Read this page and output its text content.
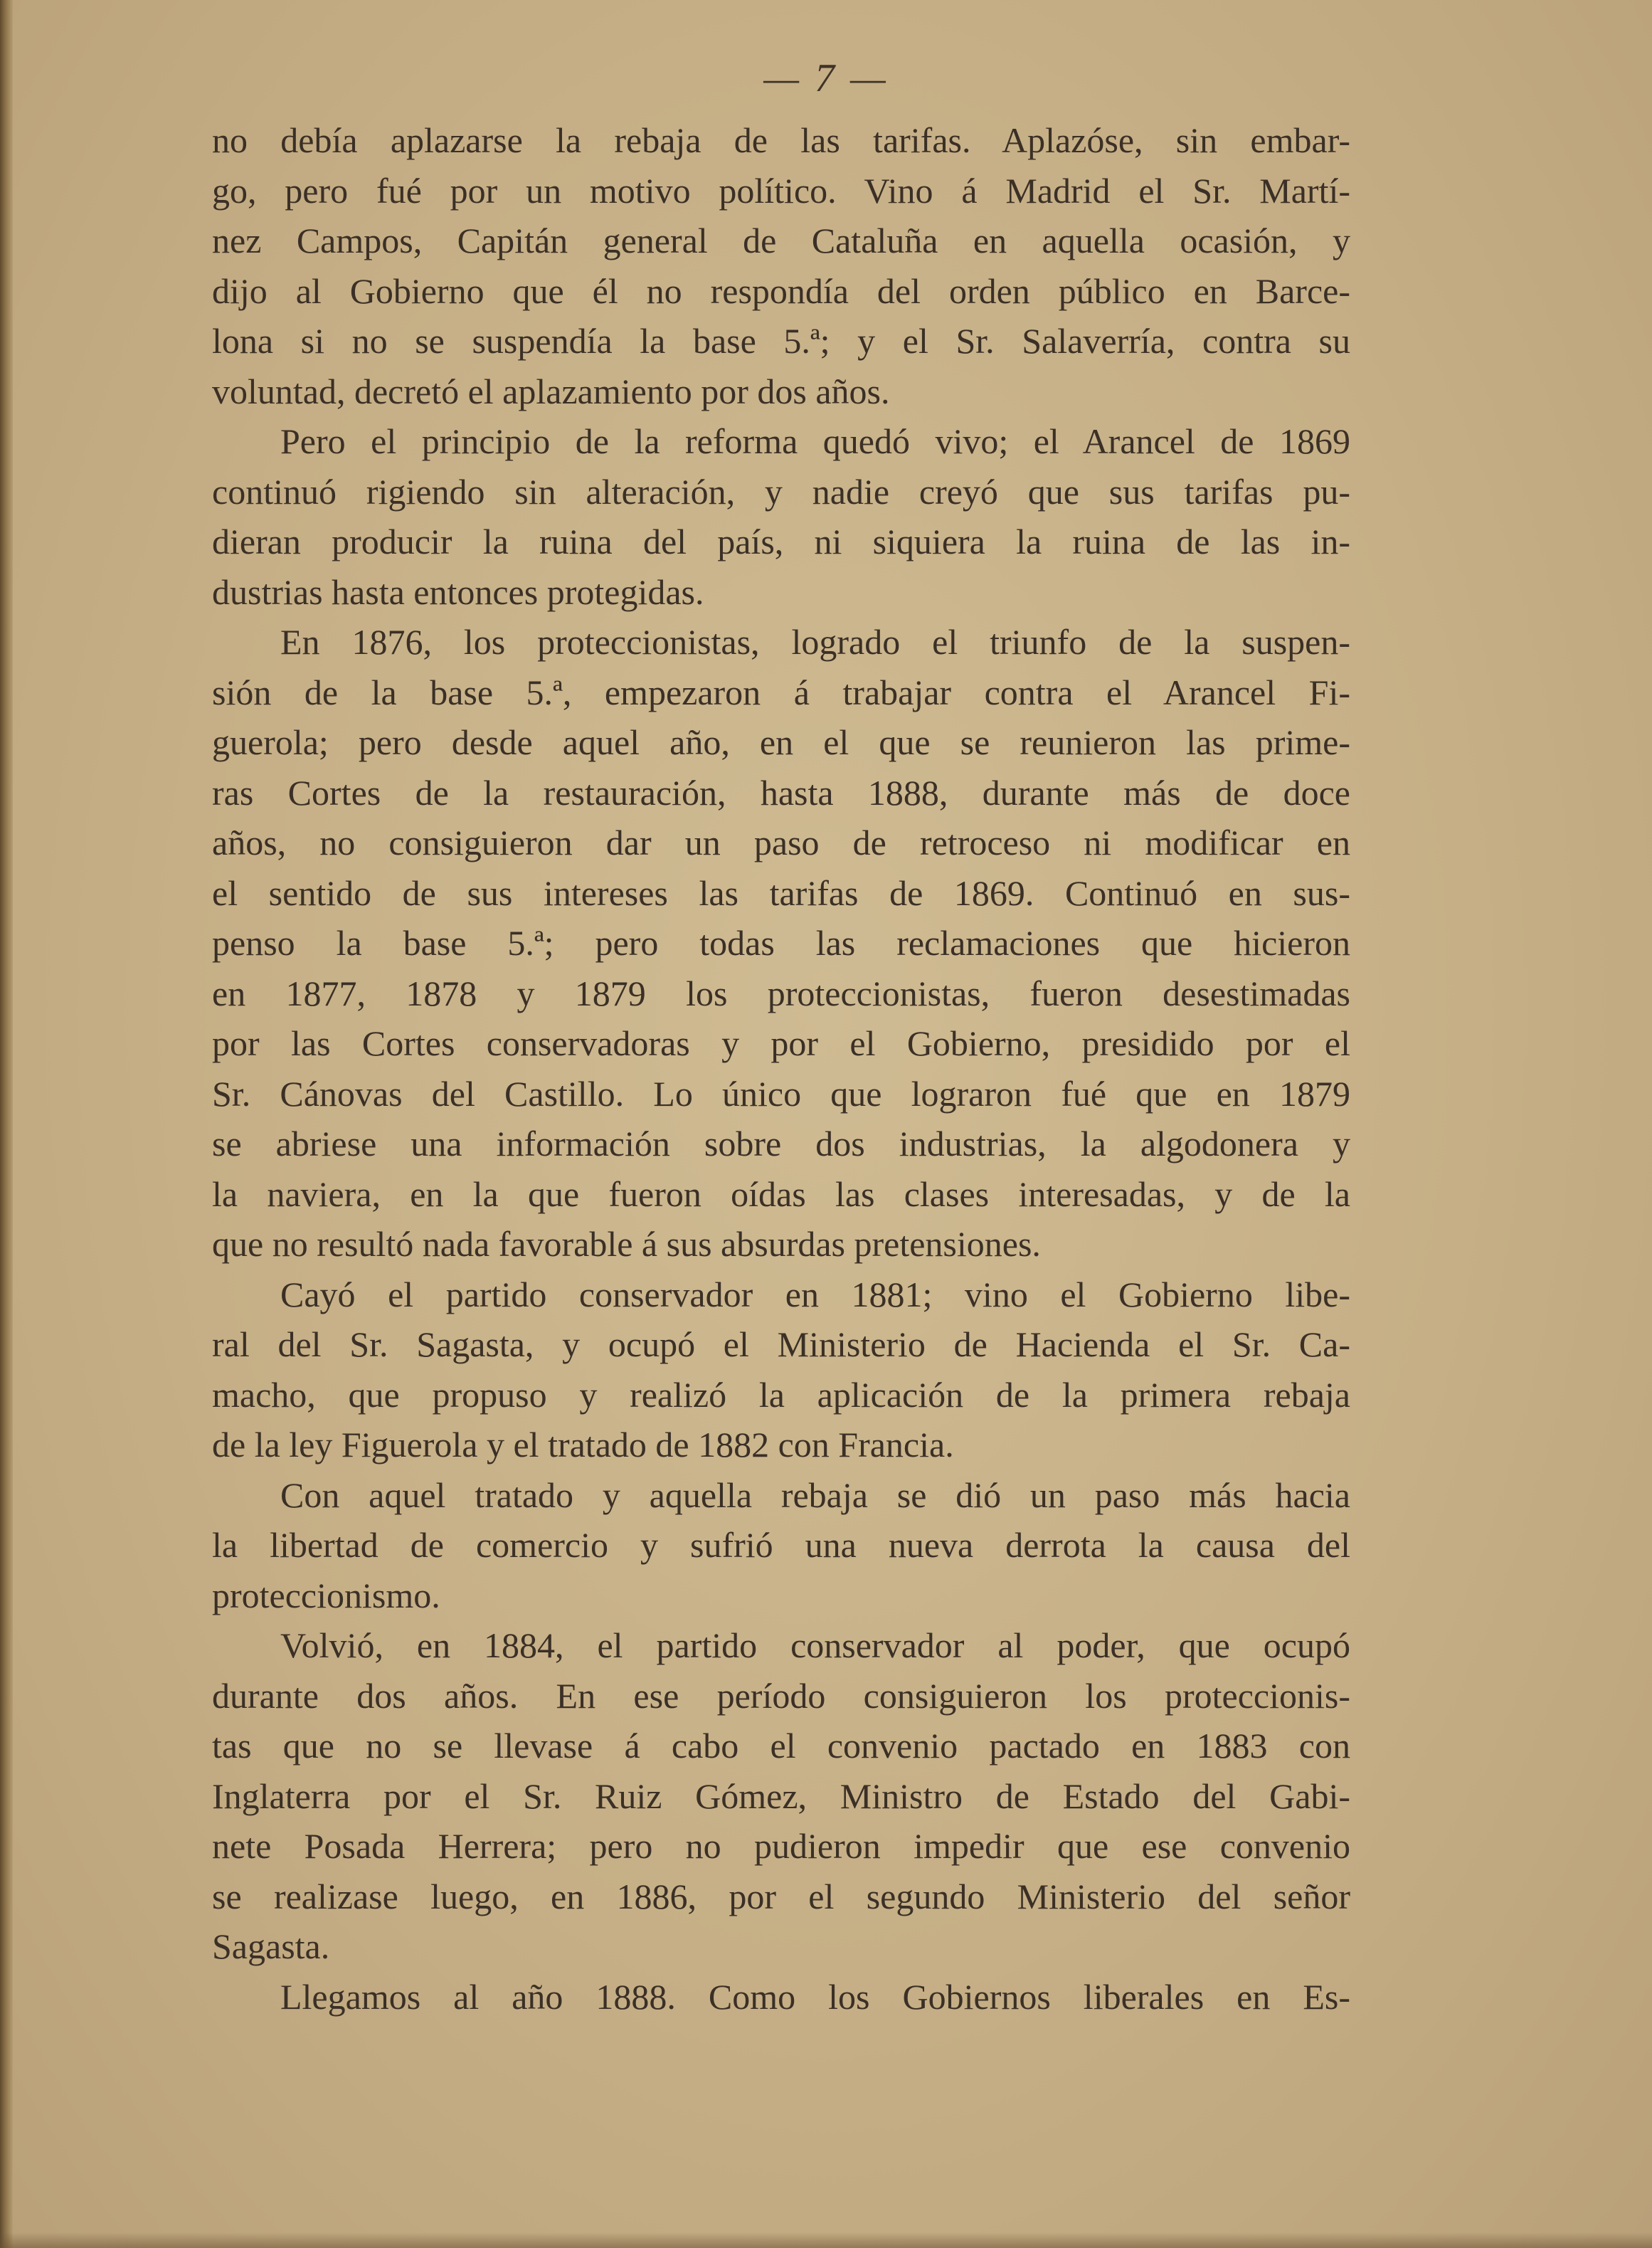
— 7 —
no debía aplazarse la rebaja de las tarifas. Aplazóse, sin embar-
go, pero fué por un motivo político. Vino á Madrid el Sr. Martí-
nez Campos, Capitán general de Cataluña en aquella ocasión, y
dijo al Gobierno que él no respondía del orden público en Barce-
lona si no se suspendía la base 5.ª; y el Sr. Salaverría, contra su
voluntad, decretó el aplazamiento por dos años.
Pero el principio de la reforma quedó vivo; el Arancel de 1869
continuó rigiendo sin alteración, y nadie creyó que sus tarifas pu-
dieran producir la ruina del país, ni siquiera la ruina de las in-
dustrias hasta entonces protegidas.
En 1876, los proteccionistas, logrado el triunfo de la suspen-
sión de la base 5.ª, empezaron á trabajar contra el Arancel Fi-
guerola; pero desde aquel año, en el que se reunieron las prime-
ras Cortes de la restauración, hasta 1888, durante más de doce
años, no consiguieron dar un paso de retroceso ni modificar en
el sentido de sus intereses las tarifas de 1869. Continuó en sus-
penso la base 5.ª; pero todas las reclamaciones que hicieron
en 1877, 1878 y 1879 los proteccionistas, fueron desestimadas
por las Cortes conservadoras y por el Gobierno, presidido por el
Sr. Cánovas del Castillo. Lo único que lograron fué que en 1879
se abriese una información sobre dos industrias, la algodonera y
la naviera, en la que fueron oídas las clases interesadas, y de la
que no resultó nada favorable á sus absurdas pretensiones.
Cayó el partido conservador en 1881; vino el Gobierno libe-
ral del Sr. Sagasta, y ocupó el Ministerio de Hacienda el Sr. Ca-
macho, que propuso y realizó la aplicación de la primera rebaja
de la ley Figuerola y el tratado de 1882 con Francia.
Con aquel tratado y aquella rebaja se dió un paso más hacia
la libertad de comercio y sufrió una nueva derrota la causa del
proteccionismo.
Volvió, en 1884, el partido conservador al poder, que ocupó
durante dos años. En ese período consiguieron los proteccionis-
tas que no se llevase á cabo el convenio pactado en 1883 con
Inglaterra por el Sr. Ruiz Gómez, Ministro de Estado del Gabi-
nete Posada Herrera; pero no pudieron impedir que ese convenio
se realizase luego, en 1886, por el segundo Ministerio del señor
Sagasta.
Llegamos al año 1888. Como los Gobiernos liberales en Es-
